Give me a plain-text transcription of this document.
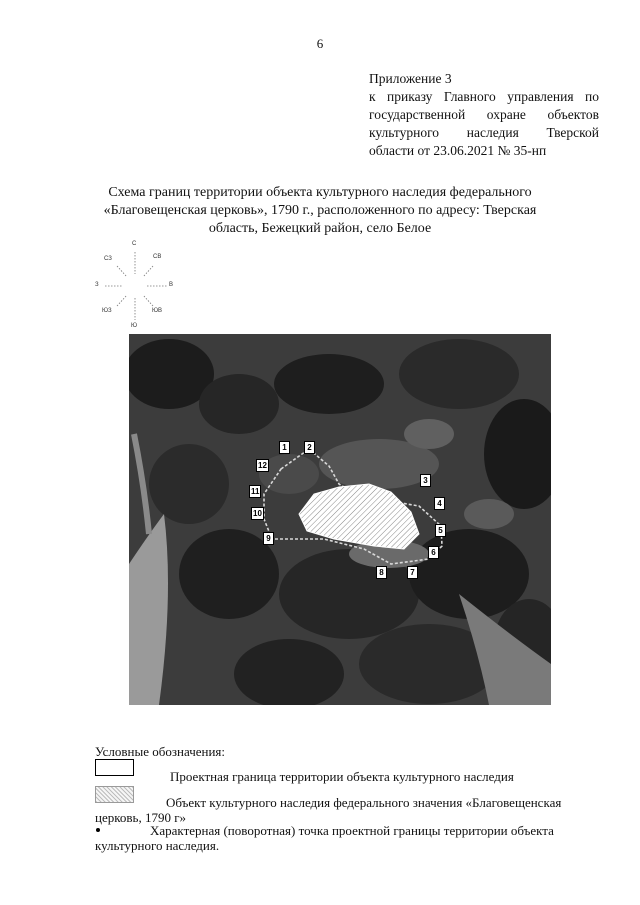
6
Приложение 3
к приказу Главного управления по
государственной охране объектов
культурного наследия Тверской
области от 23.06.2021 № 35-нп
Схема границ территории объекта культурного наследия федерального
«Благовещенская церковь», 1790 г., расположенного по адресу: Тверская
область, Бежецкий район, село Белое
С
СЗ	СВ
З	В
ЮЗ	ЮВ
Ю
1	2
3
4
5
6
7
8
9
10
11
12
Условные обозначения:
Проектная граница территории объекта культурного наследия
Объект культурного наследия федерального значения «Благовещенская
церковь, 1790 г»
Характерная (поворотная) точка проектной границы территории объекта
культурного наследия.
